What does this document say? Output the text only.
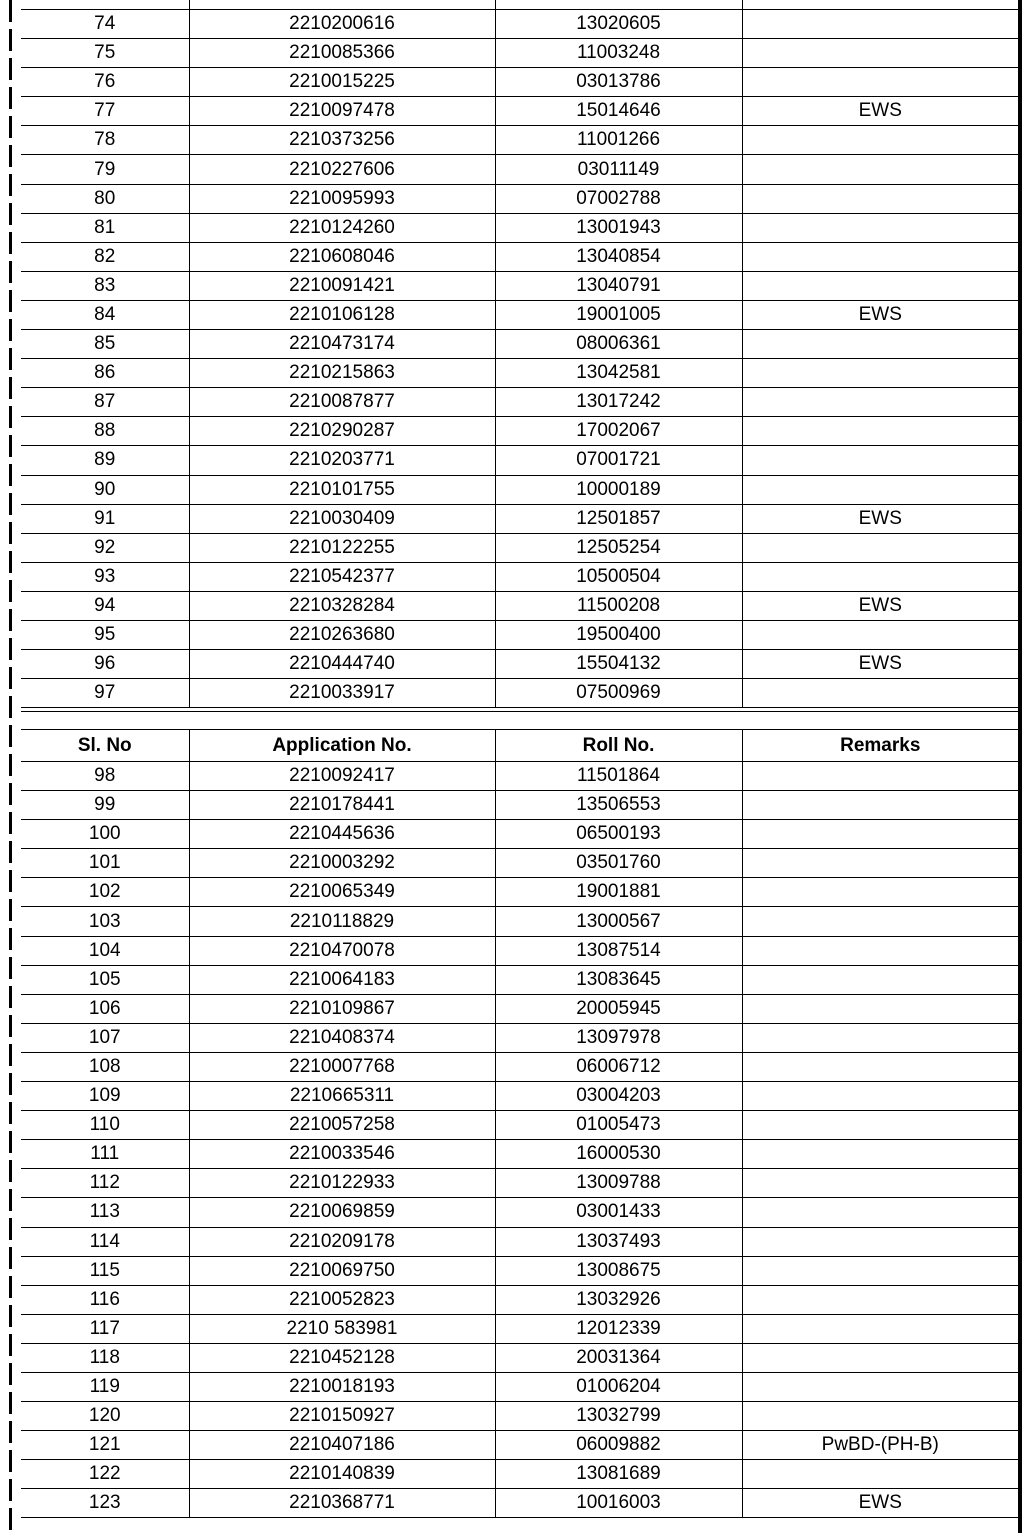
74	2210200616	13020605	
75	2210085366	11003248	
76	2210015225	03013786	
77	2210097478	15014646	EWS
78	2210373256	11001266	
79	2210227606	03011149	
80	2210095993	07002788	
81	2210124260	13001943	
82	2210608046	13040854	
83	2210091421	13040791	
84	2210106128	19001005	EWS
85	2210473174	08006361	
86	2210215863	13042581	
87	2210087877	13017242	
88	2210290287	17002067	
89	2210203771	07001721	
90	2210101755	10000189	
91	2210030409	12501857	EWS
92	2210122255	12505254	
93	2210542377	10500504	
94	2210328284	11500208	EWS
95	2210263680	19500400	
96	2210444740	15504132	EWS
97	2210033917	07500969	
Sl. No	Application No.	Roll No.	Remarks
98	2210092417	11501864	
99	2210178441	13506553	
100	2210445636	06500193	
101	2210003292	03501760	
102	2210065349	19001881	
103	2210118829	13000567	
104	2210470078	13087514	
105	2210064183	13083645	
106	2210109867	20005945	
107	2210408374	13097978	
108	2210007768	06006712	
109	2210665311	03004203	
110	2210057258	01005473	
111	2210033546	16000530	
112	2210122933	13009788	
113	2210069859	03001433	
114	2210209178	13037493	
115	2210069750	13008675	
116	2210052823	13032926	
117	2210 583981	12012339	
118	2210452128	20031364	
119	2210018193	01006204	
120	2210150927	13032799	
121	2210407186	06009882	PwBD-(PH-B)
122	2210140839	13081689	
123	2210368771	10016003	EWS
